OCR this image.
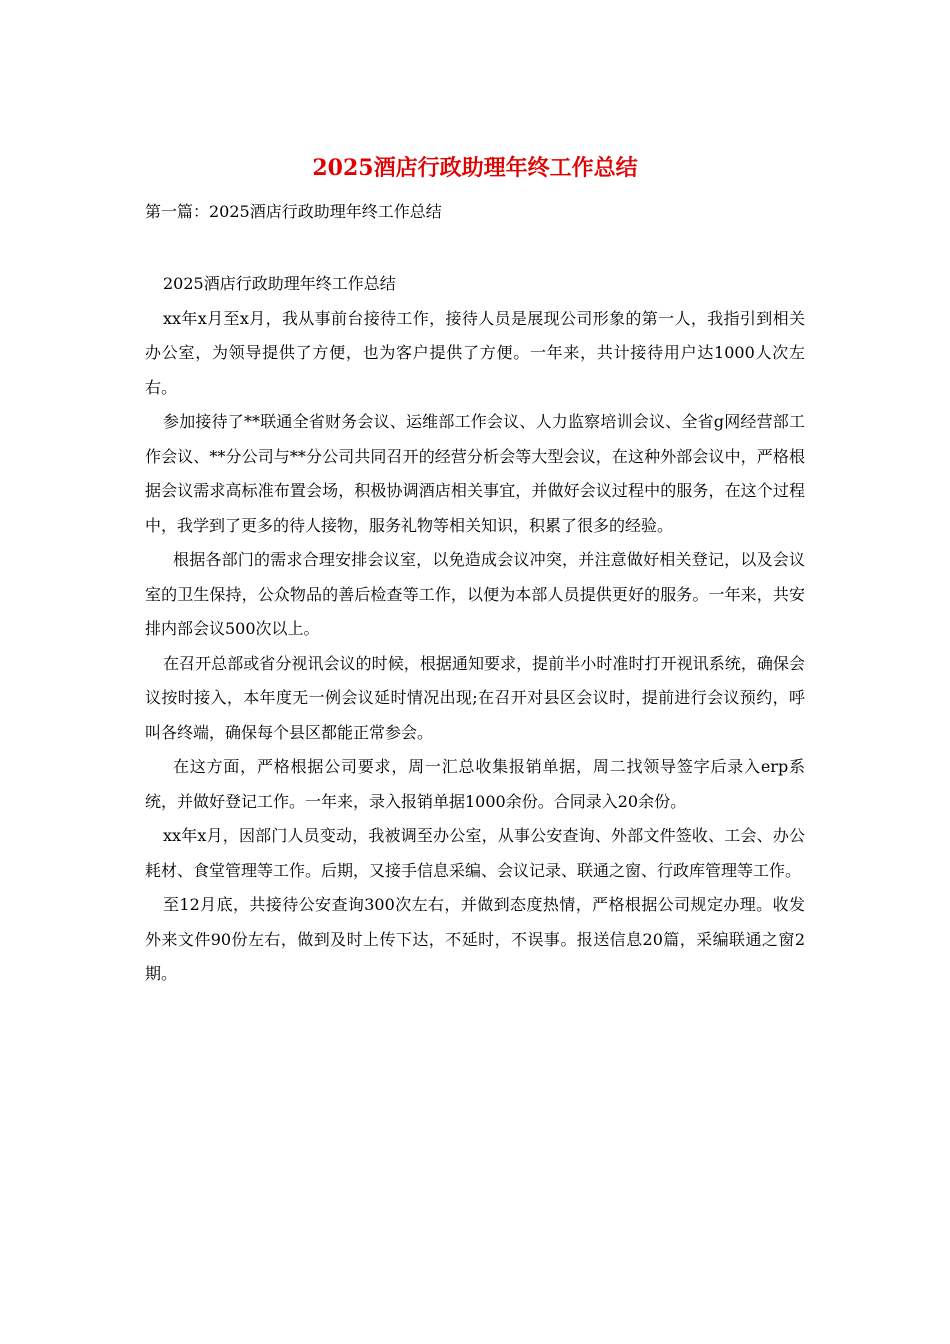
2025酒店行政助理年终工作总结
第一篇：2025酒店行政助理年终工作总结

2025酒店行政助理年终工作总结

xx年x月至x月，我从事前台接待工作，接待人员是展现公司形象的第一人，我指引到相关办公室，为领导提供了方便，也为客户提供了方便。一年来，共计接待用户达1000人次左右。

参加接待了**联通全省财务会议、运维部工作会议、人力监察培训会议、全省g网经营部工作会议、**分公司与**分公司共同召开的经营分析会等大型会议，在这种外部会议中，严格根据会议需求高标准布置会场，积极协调酒店相关事宜，并做好会议过程中的服务，在这个过程中，我学到了更多的待人接物，服务礼物等相关知识，积累了很多的经验。

根据各部门的需求合理安排会议室，以免造成会议冲突，并注意做好相关登记，以及会议室的卫生保持，公众物品的善后检查等工作，以便为本部人员提供更好的服务。一年来，共安排内部会议500次以上。

在召开总部或省分视讯会议的时候，根据通知要求，提前半小时准时打开视讯系统，确保会议按时接入，本年度无一例会议延时情况出现;在召开对县区会议时，提前进行会议预约，呼叫各终端，确保每个县区都能正常参会。

在这方面，严格根据公司要求，周一汇总收集报销单据，周二找领导签字后录入erp系统，并做好登记工作。一年来，录入报销单据1000余份。合同录入20余份。

xx年x月，因部门人员变动，我被调至办公室，从事公安查询、外部文件签收、工会、办公耗材、食堂管理等工作。后期，又接手信息采编、会议记录、联通之窗、行政库管理等工作。

至12月底，共接待公安查询300次左右，并做到态度热情，严格根据公司规定办理。收发外来文件90份左右，做到及时上传下达，不延时，不误事。报送信息20篇，采编联通之窗2期。
